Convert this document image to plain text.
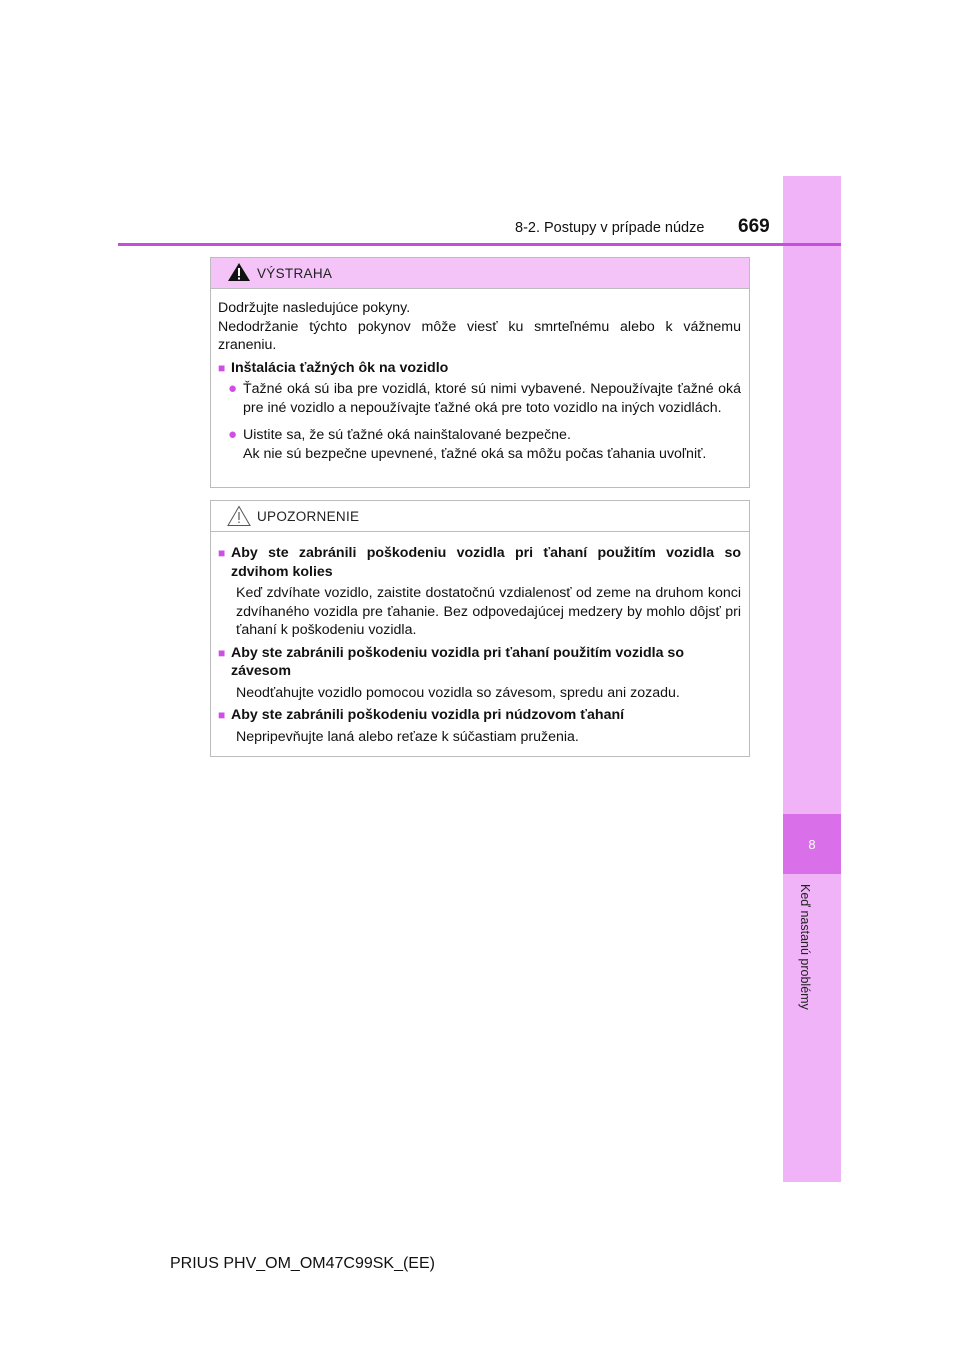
8
Keď nastanú problémy
8-2. Postupy v prípade núdze 669
VÝSTRAHA

Dodržujte nasledujúce pokyny.
Nedodržanie týchto pokynov môže viesť ku smrteľnému alebo k vážnemu zraneniu.

■ Inštalácia ťažných ôk na vozidlo
● Ťažné oká sú iba pre vozidlá, ktoré sú nimi vybavené. Nepoužívajte ťažné oká pre iné vozidlo a nepoužívajte ťažné oká pre toto vozidlo na iných vozidlách.
● Uistite sa, že sú ťažné oká nainštalované bezpečne.
Ak nie sú bezpečne upevnené, ťažné oká sa môžu počas ťahania uvoľniť.
UPOZORNENIE
■ Aby ste zabránili poškodeniu vozidla pri ťahaní použitím vozidla so zdvihom kolies

Keď zdvíhate vozidlo, zaistite dostatočnú vzdialenosť od zeme na druhom konci zdvíhaného vozidla pre ťahanie. Bez odpovedajúcej medzery by mohlo dôjsť pri ťahaní k poškodeniu vozidla.

■ Aby ste zabránili poškodeniu vozidla pri ťahaní použitím vozidla so závesom

Neodťahujte vozidlo pomocou vozidla so závesom, spredu ani zozadu.

■ Aby ste zabránili poškodeniu vozidla pri núdzovom ťahaní

Nepripevňujte laná alebo reťaze k súčastiam pruženia.

PRIUS PHV_OM_OM47C99SK_(EE)
